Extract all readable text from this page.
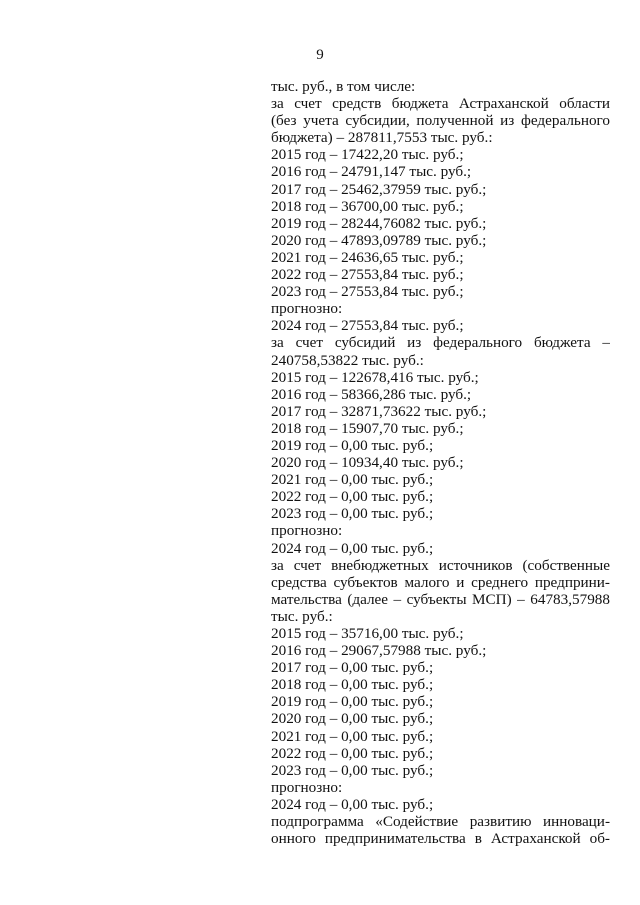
9
тыс. руб., в том числе:
за счет средств бюджета Астраханской области
(без учета субсидии, полученной из федерального
бюджета) – 287811,7553 тыс. руб.:
2015 год – 17422,20 тыс. руб.;
2016 год – 24791,147 тыс. руб.;
2017 год – 25462,37959 тыс. руб.;
2018 год – 36700,00 тыс. руб.;
2019 год – 28244,76082 тыс. руб.;
2020 год – 47893,09789 тыс. руб.;
2021 год – 24636,65 тыс. руб.;
2022 год – 27553,84 тыс. руб.;
2023 год – 27553,84 тыс. руб.;
прогнозно:
2024 год – 27553,84 тыс. руб.;
за счет субсидий из федерального бюджета –
240758,53822 тыс. руб.:
2015 год – 122678,416 тыс. руб.;
2016 год – 58366,286 тыс. руб.;
2017 год – 32871,73622 тыс. руб.;
2018 год – 15907,70 тыс. руб.;
2019 год – 0,00 тыс. руб.;
2020 год – 10934,40 тыс. руб.;
2021 год – 0,00 тыс. руб.;
2022 год – 0,00 тыс. руб.;
2023 год – 0,00 тыс. руб.;
прогнозно:
2024 год – 0,00 тыс. руб.;
за счет внебюджетных источников (собственные
средства субъектов малого и среднего предприни-
мательства (далее – субъекты МСП) – 64783,57988
тыс. руб.:
2015 год – 35716,00 тыс. руб.;
2016 год – 29067,57988 тыс. руб.;
2017 год – 0,00 тыс. руб.;
2018 год – 0,00 тыс. руб.;
2019 год – 0,00 тыс. руб.;
2020 год – 0,00 тыс. руб.;
2021 год – 0,00 тыс. руб.;
2022 год – 0,00 тыс. руб.;
2023 год – 0,00 тыс. руб.;
прогнозно:
2024 год – 0,00 тыс. руб.;
подпрограмма «Содействие развитию инноваци-
онного предпринимательства в Астраханской об-
